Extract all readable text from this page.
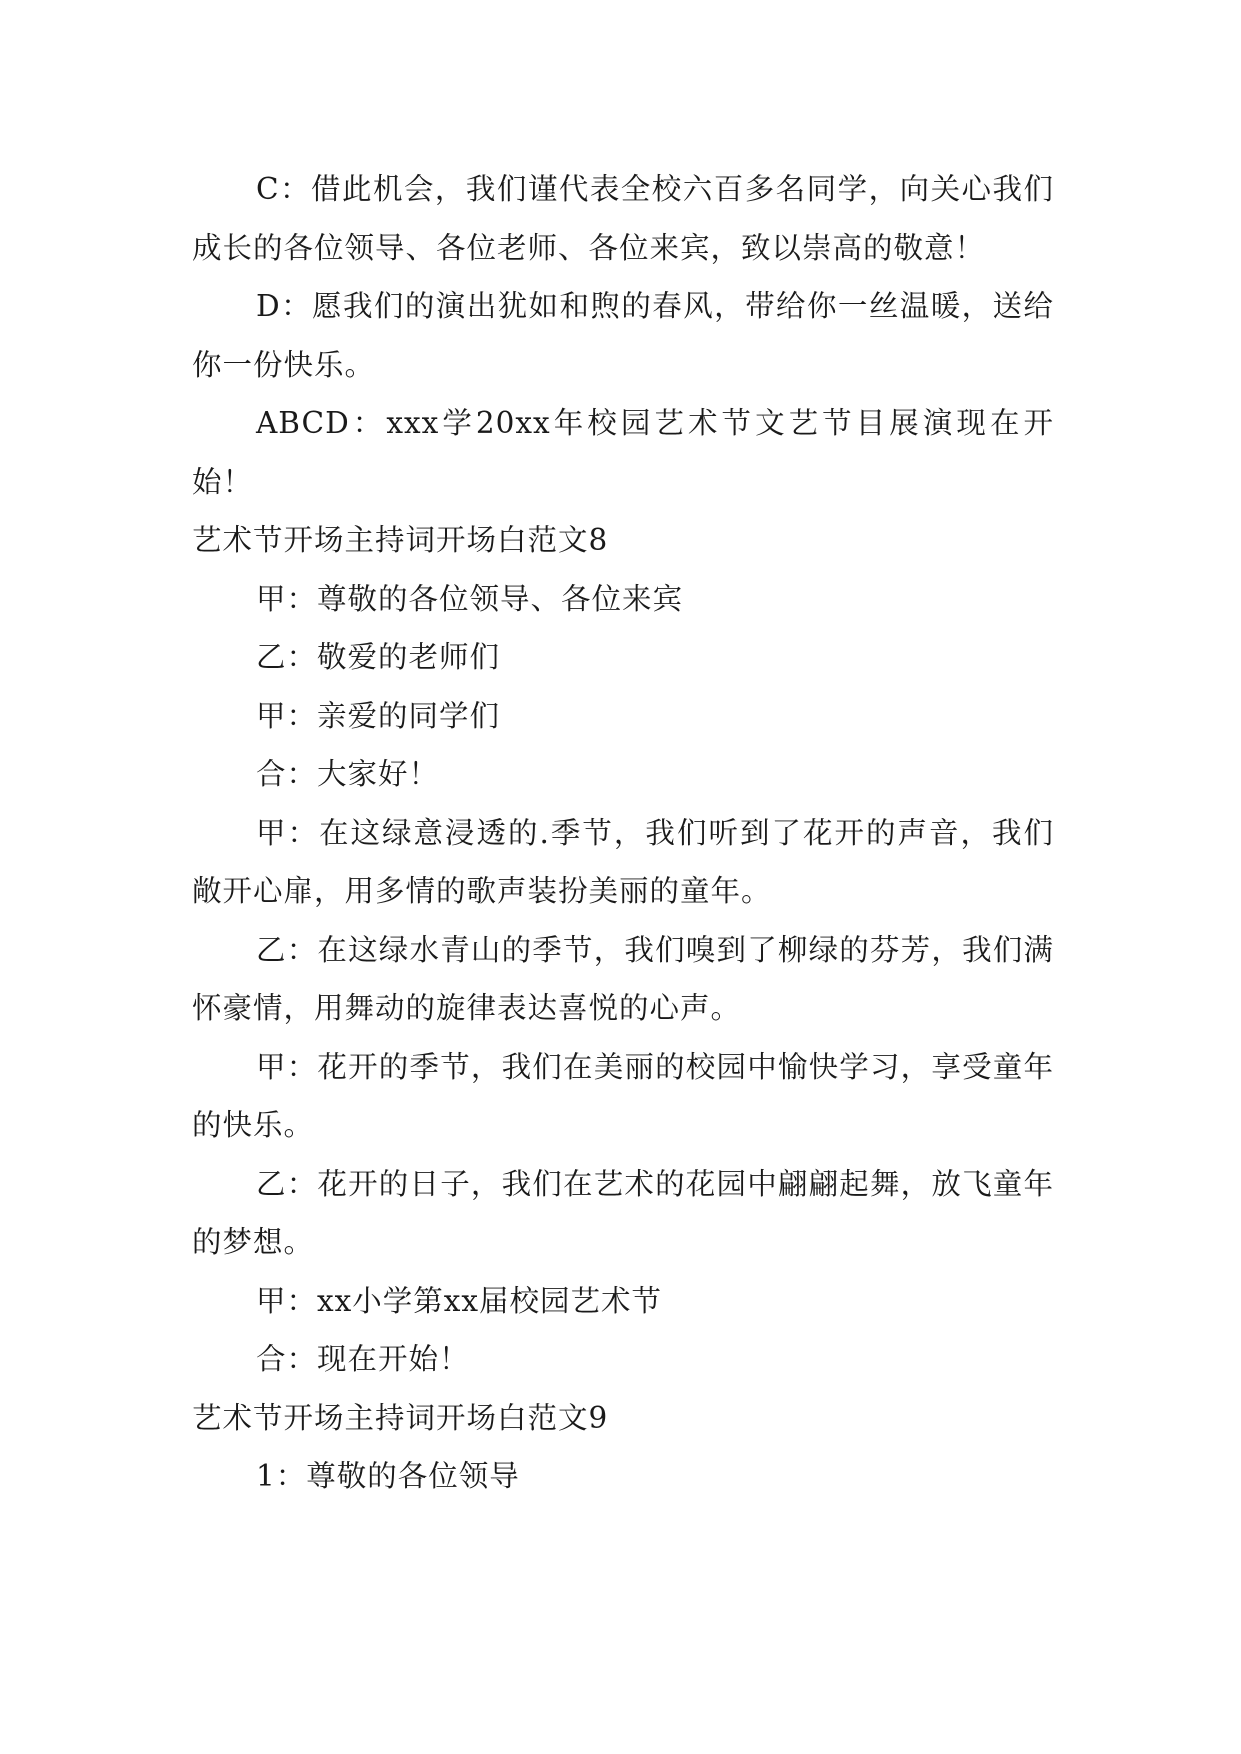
C：借此机会，我们谨代表全校六百多名同学，向关心我们成长的各位领导、各位老师、各位来宾，致以崇高的敬意！

D：愿我们的演出犹如和煦的春风，带给你一丝温暖，送给你一份快乐。

ABCD：xxx学20xx年校园艺术节文艺节目展演现在开始！

艺术节开场主持词开场白范文8

甲：尊敬的各位领导、各位来宾

乙：敬爱的老师们

甲：亲爱的同学们

合：大家好！

甲：在这绿意浸透的.季节，我们听到了花开的声音，我们敞开心扉，用多情的歌声装扮美丽的童年。

乙：在这绿水青山的季节，我们嗅到了柳绿的芬芳，我们满怀豪情，用舞动的旋律表达喜悦的心声。

甲：花开的季节，我们在美丽的校园中愉快学习，享受童年的快乐。

乙：花开的日子，我们在艺术的花园中翩翩起舞，放飞童年的梦想。

甲：xx小学第xx届校园艺术节

合：现在开始！

艺术节开场主持词开场白范文9

1：尊敬的各位领导
